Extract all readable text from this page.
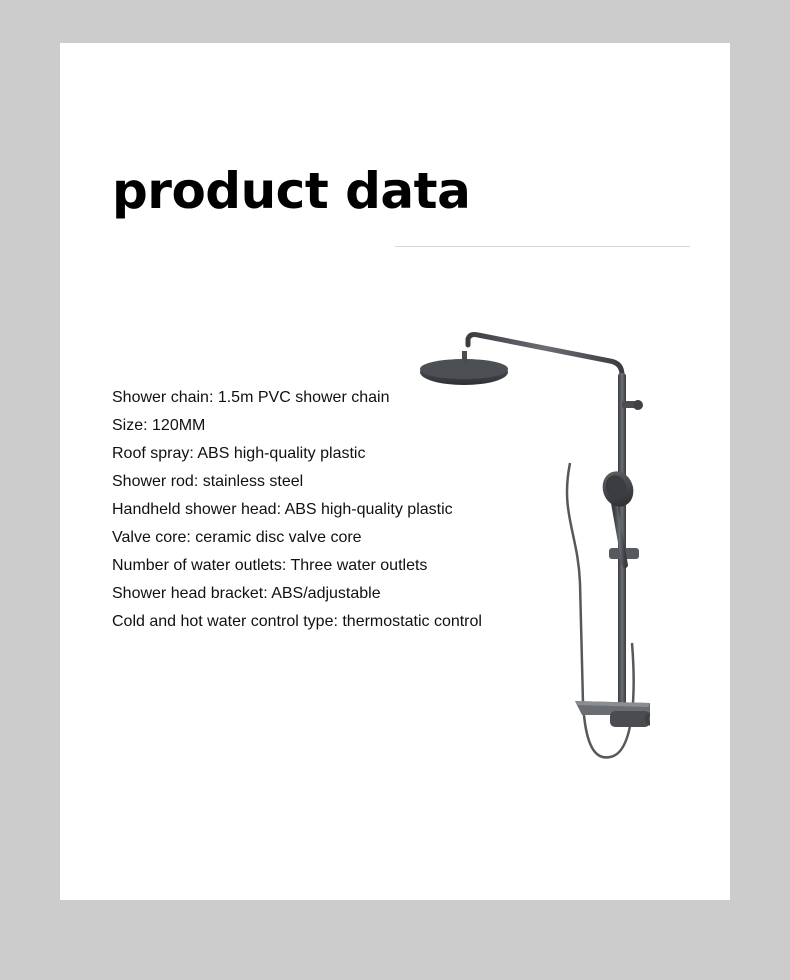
product data
Shower chain: 1.5m PVC shower chain
Size: 120MM
Roof spray: ABS high-quality plastic
Shower rod: stainless steel
Handheld shower head: ABS high-quality plastic
Valve core: ceramic disc valve core
Number of water outlets: Three water outlets
Shower head bracket: ABS/adjustable
Cold and hot water control type: thermostatic control
